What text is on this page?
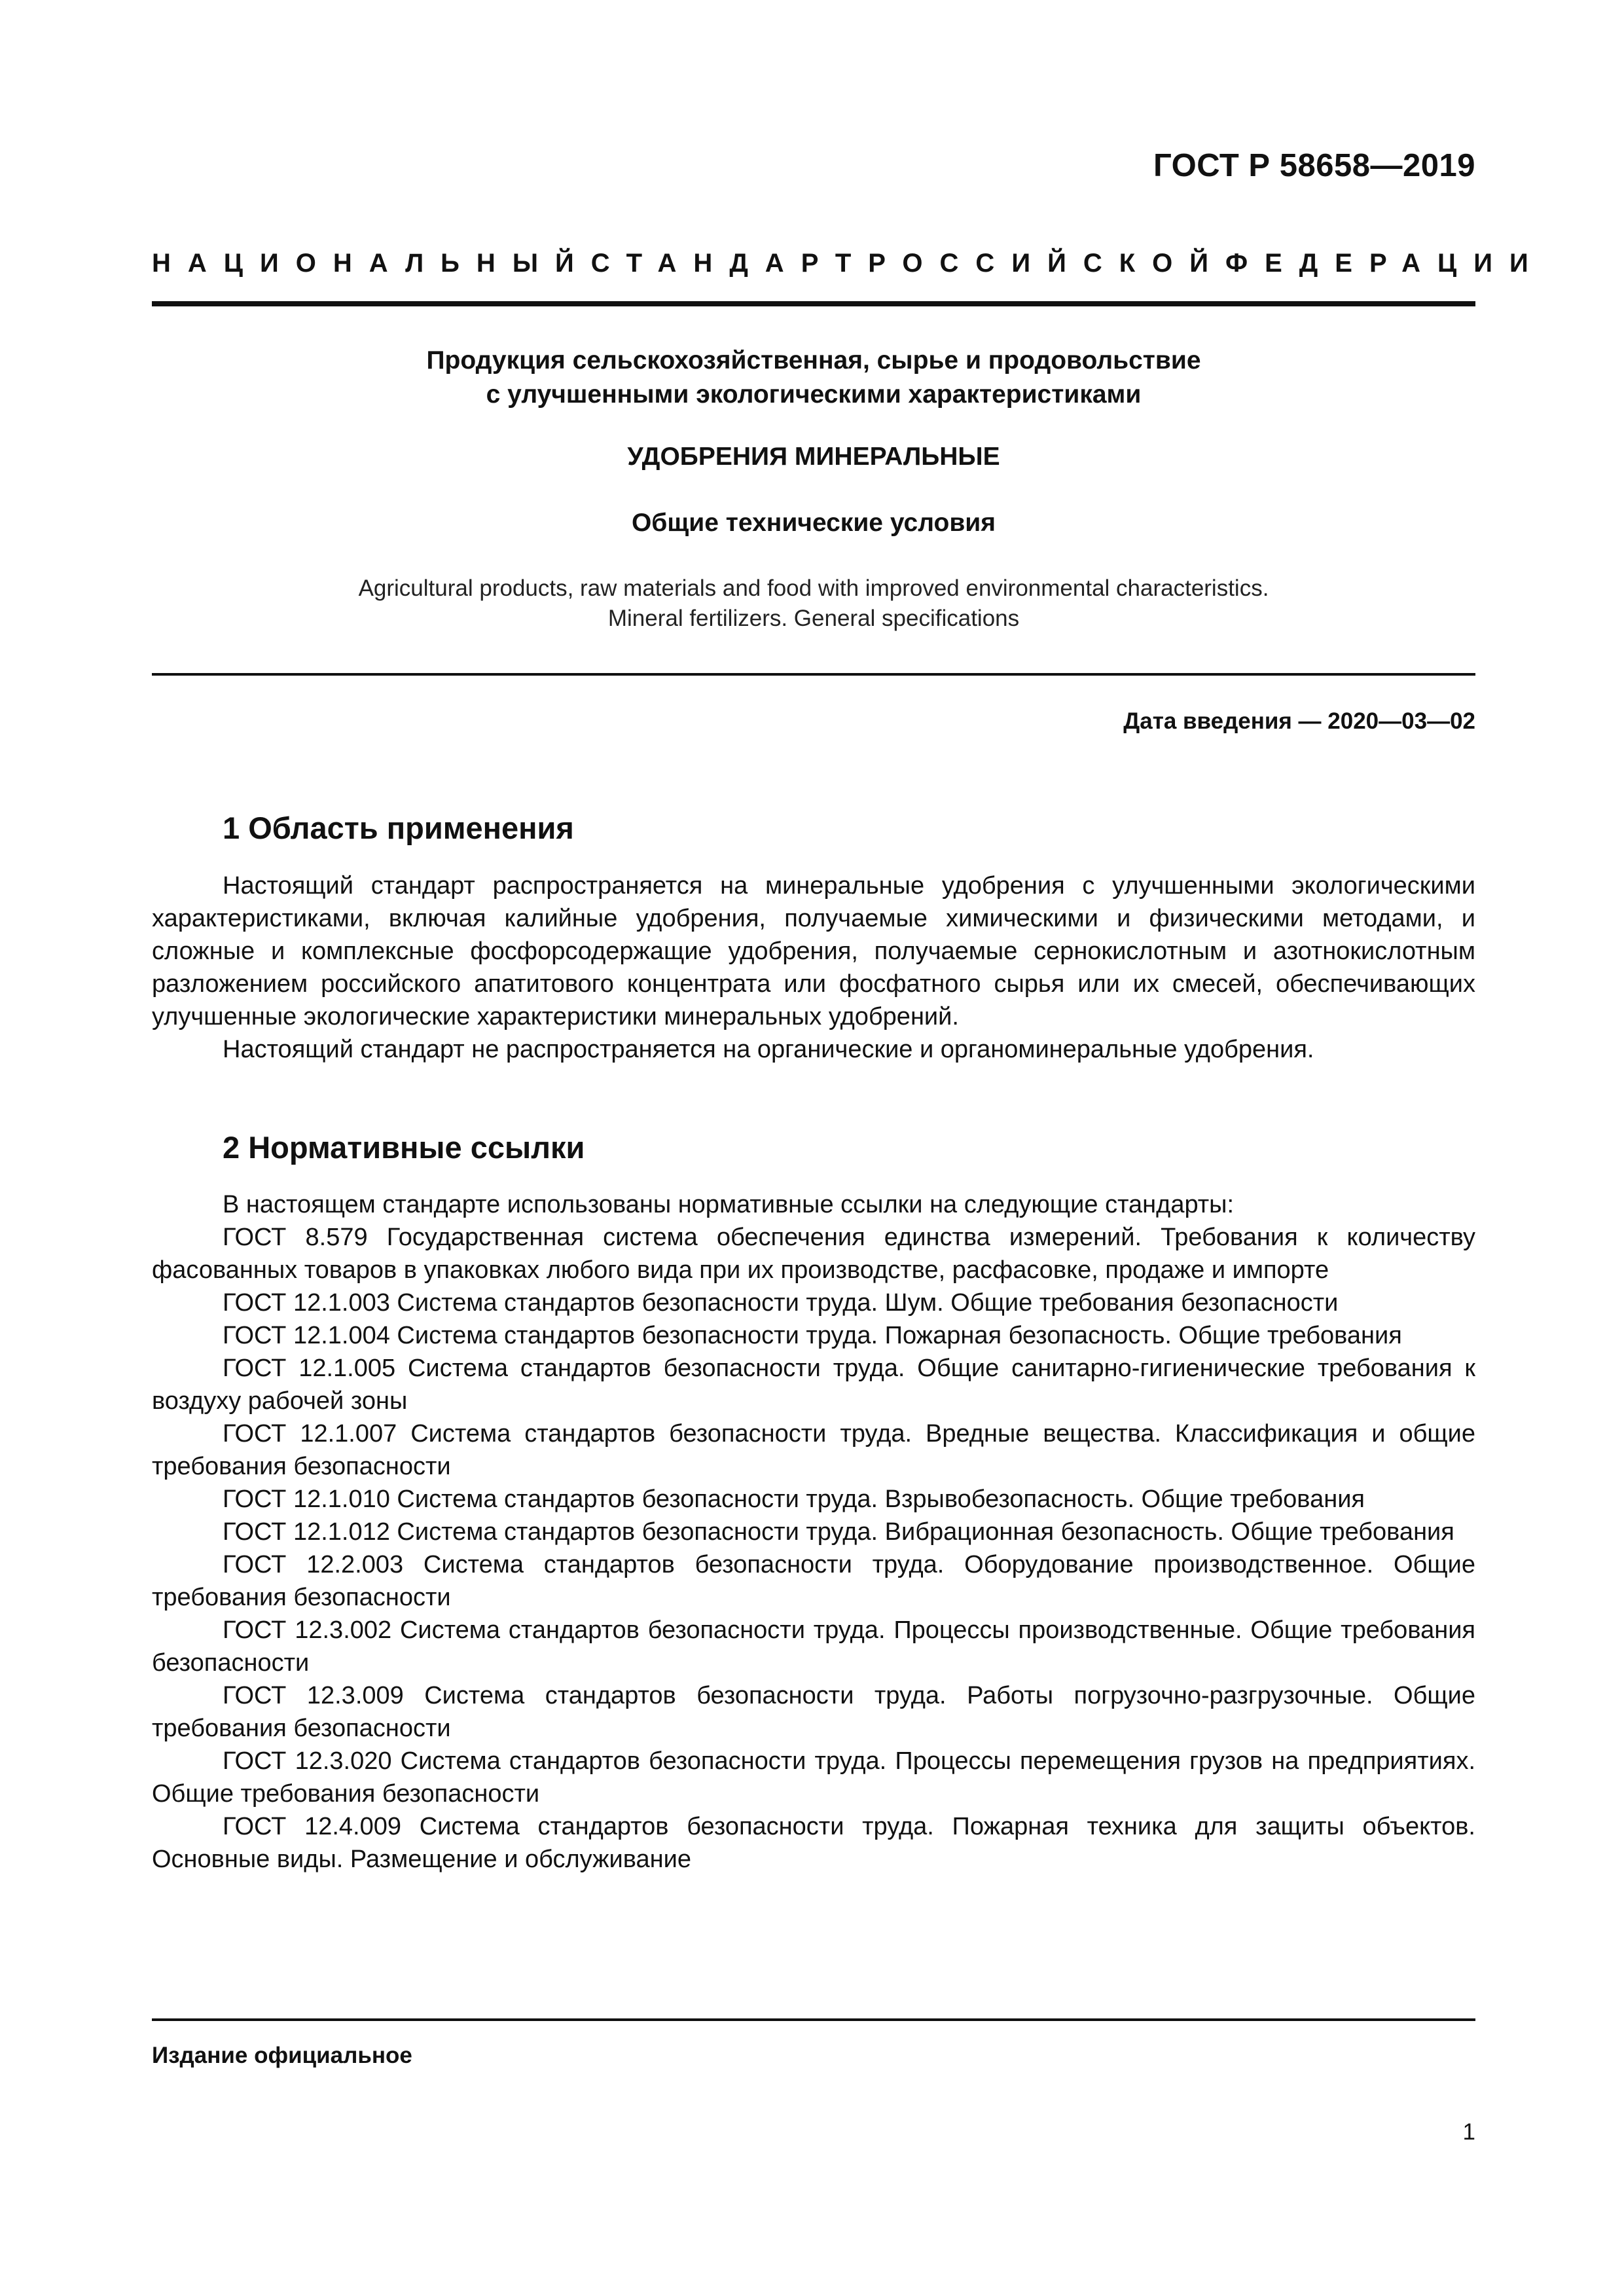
ГОСТ Р 58658—2019
НАЦИОНАЛЬНЫЙ СТАНДАРТ РОССИЙСКОЙ ФЕДЕРАЦИИ
Продукция сельскохозяйственная, сырье и продовольствие
с улучшенными экологическими характеристиками
УДОБРЕНИЯ МИНЕРАЛЬНЫЕ
Общие технические условия
Agricultural products, raw materials and food with improved environmental characteristics.
Mineral fertilizers. General specifications
Дата введения — 2020—03—02
1 Область применения

Настоящий стандарт распространяется на минеральные удобрения с улучшенными экологическими характеристиками, включая калийные удобрения, получаемые химическими и физическими методами, и сложные и комплексные фосфорсодержащие удобрения, получаемые сернокислотным и азотнокислотным разложением российского апатитового концентрата или фосфатного сырья или их смесей, обеспечивающих улучшенные экологические характеристики минеральных удобрений.

Настоящий стандарт не распространяется на органические и органоминеральные удобрения.

2 Нормативные ссылки

В настоящем стандарте использованы нормативные ссылки на следующие стандарты:

ГОСТ 8.579 Государственная система обеспечения единства измерений. Требования к количеству фасованных товаров в упаковках любого вида при их производстве, расфасовке, продаже и импорте

ГОСТ 12.1.003 Система стандартов безопасности труда. Шум. Общие требования безопасности

ГОСТ 12.1.004 Система стандартов безопасности труда. Пожарная безопасность. Общие требования

ГОСТ 12.1.005 Система стандартов безопасности труда. Общие санитарно-гигиенические требования к воздуху рабочей зоны

ГОСТ 12.1.007 Система стандартов безопасности труда. Вредные вещества. Классификация и общие требования безопасности

ГОСТ 12.1.010 Система стандартов безопасности труда. Взрывобезопасность. Общие требования

ГОСТ 12.1.012 Система стандартов безопасности труда. Вибрационная безопасность. Общие требования

ГОСТ 12.2.003 Система стандартов безопасности труда. Оборудование производственное. Общие требования безопасности

ГОСТ 12.3.002 Система стандартов безопасности труда. Процессы производственные. Общие требования безопасности

ГОСТ 12.3.009 Система стандартов безопасности труда. Работы погрузочно-разгрузочные. Общие требования безопасности

ГОСТ 12.3.020 Система стандартов безопасности труда. Процессы перемещения грузов на предприятиях. Общие требования безопасности

ГОСТ 12.4.009 Система стандартов безопасности труда. Пожарная техника для защиты объектов. Основные виды. Размещение и обслуживание

Издание официальное
1
